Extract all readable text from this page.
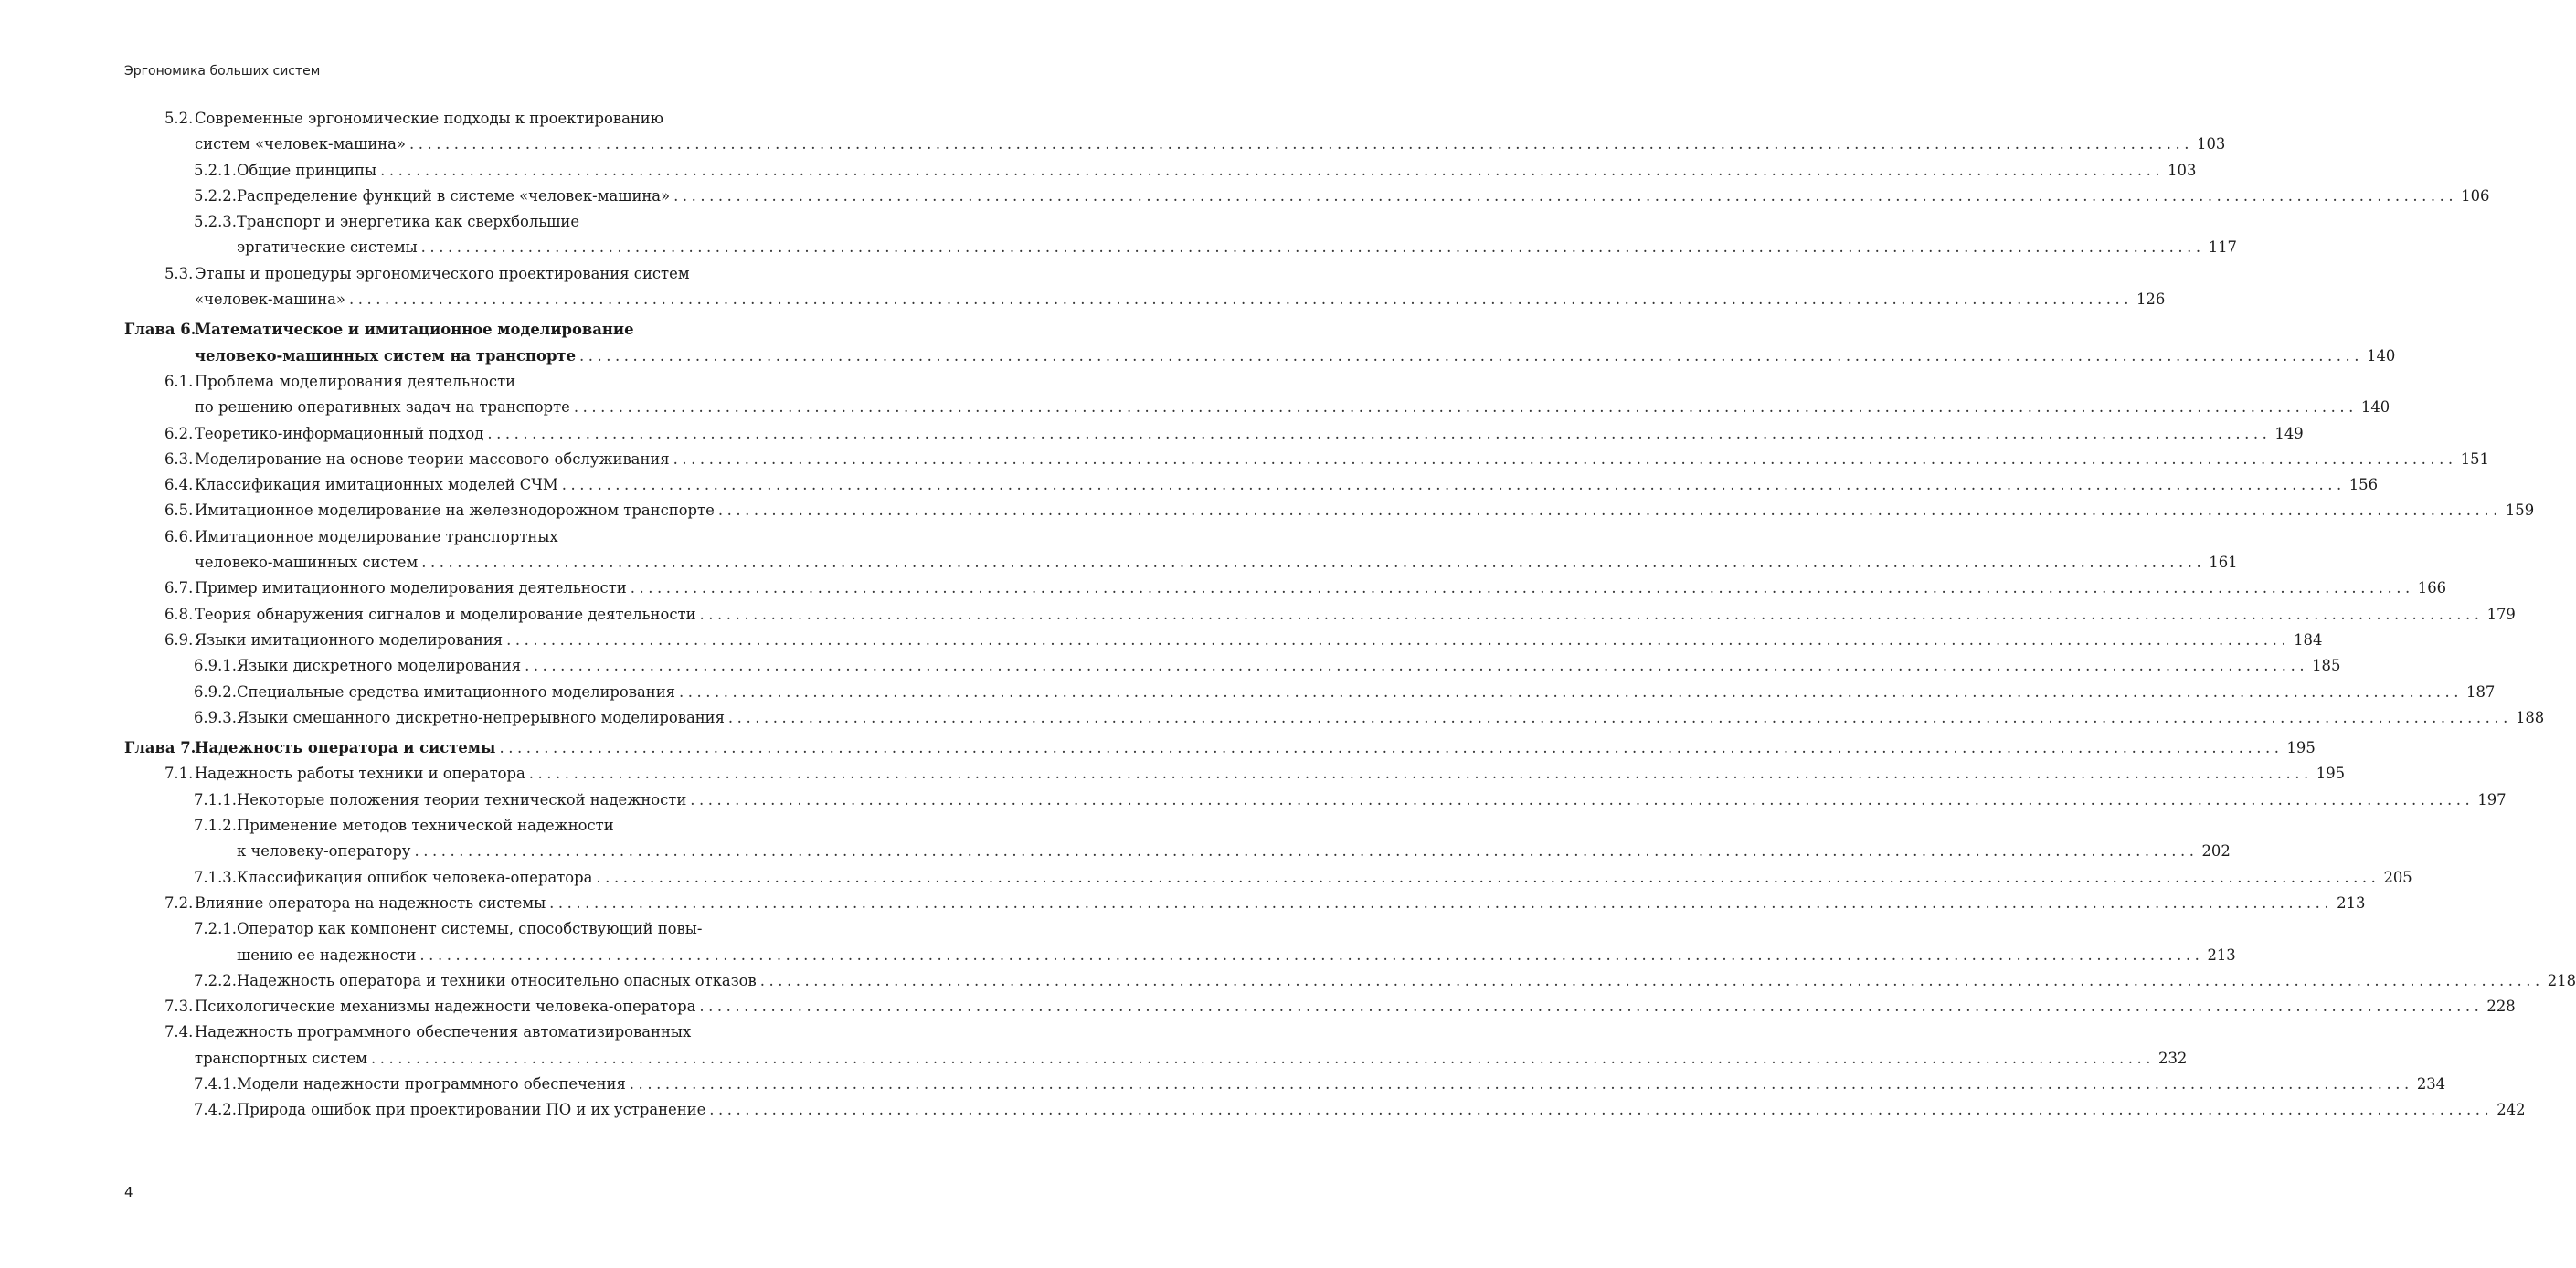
Эргономика больших систем
5.2. Современные эргономические подходы к проектированию
систем «человек-машина» ........................................................................................................................................................................................................ 103
5.2.1. Общие принципы ........................................................................................................................................................................................................ 103
5.2.2. Распределение функций в системе «человек-машина» ........................................................................................................................................................................................................ 106
5.2.3. Транспорт и энергетика как сверхбольшие
эргатические системы ........................................................................................................................................................................................................ 117
5.3. Этапы и процедуры эргономического проектирования систем
«человек-машина» ........................................................................................................................................................................................................ 126
Глава 6.
Математическое и имитационное моделирование
человеко-машинных систем на транспорте ........................................................................................................................................................................................................ 140
6.1. Проблема моделирования деятельности
по решению оперативных задач на транспорте ........................................................................................................................................................................................................ 140
6.2. Теоретико-информационный подход ........................................................................................................................................................................................................ 149
6.3. Моделирование на основе теории массового обслуживания ........................................................................................................................................................................................................ 151
6.4. Классификация имитационных моделей СЧМ ........................................................................................................................................................................................................ 156
6.5. Имитационное моделирование на железнодорожном транспорте ........................................................................................................................................................................................................ 159
6.6. Имитационное моделирование транспортных
человеко-машинных систем ........................................................................................................................................................................................................ 161
6.7. Пример имитационного моделирования деятельности ........................................................................................................................................................................................................ 166
6.8. Теория обнаружения сигналов и моделирование деятельности ........................................................................................................................................................................................................ 179
6.9. Языки имитационного моделирования ........................................................................................................................................................................................................ 184
6.9.1. Языки дискретного моделирования ........................................................................................................................................................................................................ 185
6.9.2. Специальные средства имитационного моделирования ........................................................................................................................................................................................................ 187
6.9.3. Языки смешанного дискретно-непрерывного моделирования ........................................................................................................................................................................................................ 188
Глава 7.
Надежность оператора и системы ........................................................................................................................................................................................................ 195
7.1. Надежность работы техники и оператора ........................................................................................................................................................................................................ 195
7.1.1. Некоторые положения теории технической надежности ........................................................................................................................................................................................................ 197
7.1.2. Применение методов технической надежности
к человеку-оператору ........................................................................................................................................................................................................ 202
7.1.3. Классификация ошибок человека-оператора ........................................................................................................................................................................................................ 205
7.2. Влияние оператора на надежность системы ........................................................................................................................................................................................................ 213
7.2.1. Оператор как компонент системы, способствующий повы-
шению ее надежности ........................................................................................................................................................................................................ 213
7.2.2. Надежность оператора и техники относительно опасных отказов ........................................................................................................................................................................................................ 218
7.3. Психологические механизмы надежности человека-оператора ........................................................................................................................................................................................................ 228
7.4. Надежность программного обеспечения автоматизированных
транспортных систем ........................................................................................................................................................................................................ 232
7.4.1. Модели надежности программного обеспечения ........................................................................................................................................................................................................ 234
7.4.2. Природа ошибок при проектировании ПО и их устранение ........................................................................................................................................................................................................ 242
4
